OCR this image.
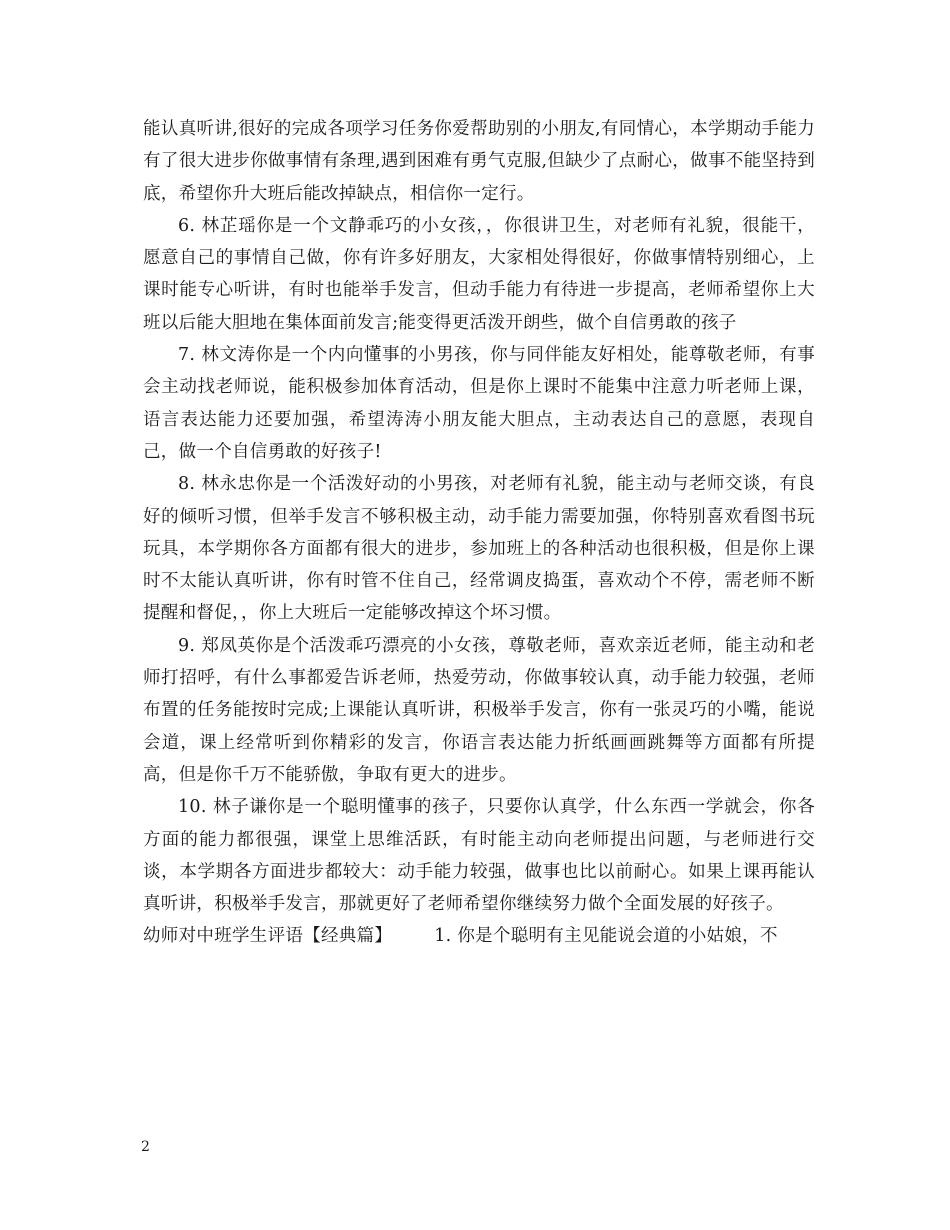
能认真听讲,很好的完成各项学习任务你爱帮助别的小朋友,有同情心，本学期动手能力有了很大进步你做事情有条理,遇到困难有勇气克服,但缺少了点耐心，做事不能坚持到底，希望你升大班后能改掉缺点，相信你一定行。

6. 林芷瑶你是一个文静乖巧的小女孩，，你很讲卫生，对老师有礼貌，很能干，愿意自己的事情自己做，你有许多好朋友，大家相处得很好，你做事情特别细心，上课时能专心听讲，有时也能举手发言，但动手能力有待进一步提高，老师希望你上大班以后能大胆地在集体面前发言;能变得更活泼开朗些，做个自信勇敢的孩子

7. 林文涛你是一个内向懂事的小男孩，你与同伴能友好相处，能尊敬老师，有事会主动找老师说，能积极参加体育活动，但是你上课时不能集中注意力听老师上课，语言表达能力还要加强，希望涛涛小朋友能大胆点，主动表达自己的意愿，表现自己，做一个自信勇敢的好孩子!

8. 林永忠你是一个活泼好动的小男孩，对老师有礼貌，能主动与老师交谈，有良好的倾听习惯，但举手发言不够积极主动，动手能力需要加强，你特别喜欢看图书玩玩具，本学期你各方面都有很大的进步，参加班上的各种活动也很积极，但是你上课时不太能认真听讲，你有时管不住自己，经常调皮捣蛋，喜欢动个不停，需老师不断提醒和督促，，你上大班后一定能够改掉这个坏习惯。

9. 郑凤英你是个活泼乖巧漂亮的小女孩，尊敬老师，喜欢亲近老师，能主动和老师打招呼，有什么事都爱告诉老师，热爱劳动，你做事较认真，动手能力较强，老师布置的任务能按时完成;上课能认真听讲，积极举手发言，你有一张灵巧的小嘴，能说会道，课上经常听到你精彩的发言，你语言表达能力折纸画画跳舞等方面都有所提高，但是你千万不能骄傲，争取有更大的进步。

10. 林子谦你是一个聪明懂事的孩子，只要你认真学，什么东西一学就会，你各方面的能力都很强，课堂上思维活跃，有时能主动向老师提出问题，与老师进行交谈，本学期各方面进步都较大：动手能力较强，做事也比以前耐心。如果上课再能认真听讲，积极举手发言，那就更好了老师希望你继续努力做个全面发展的好孩子。

幼师对中班学生评语【经典篇】 1. 你是个聪明有主见能说会道的小姑娘，不

2
